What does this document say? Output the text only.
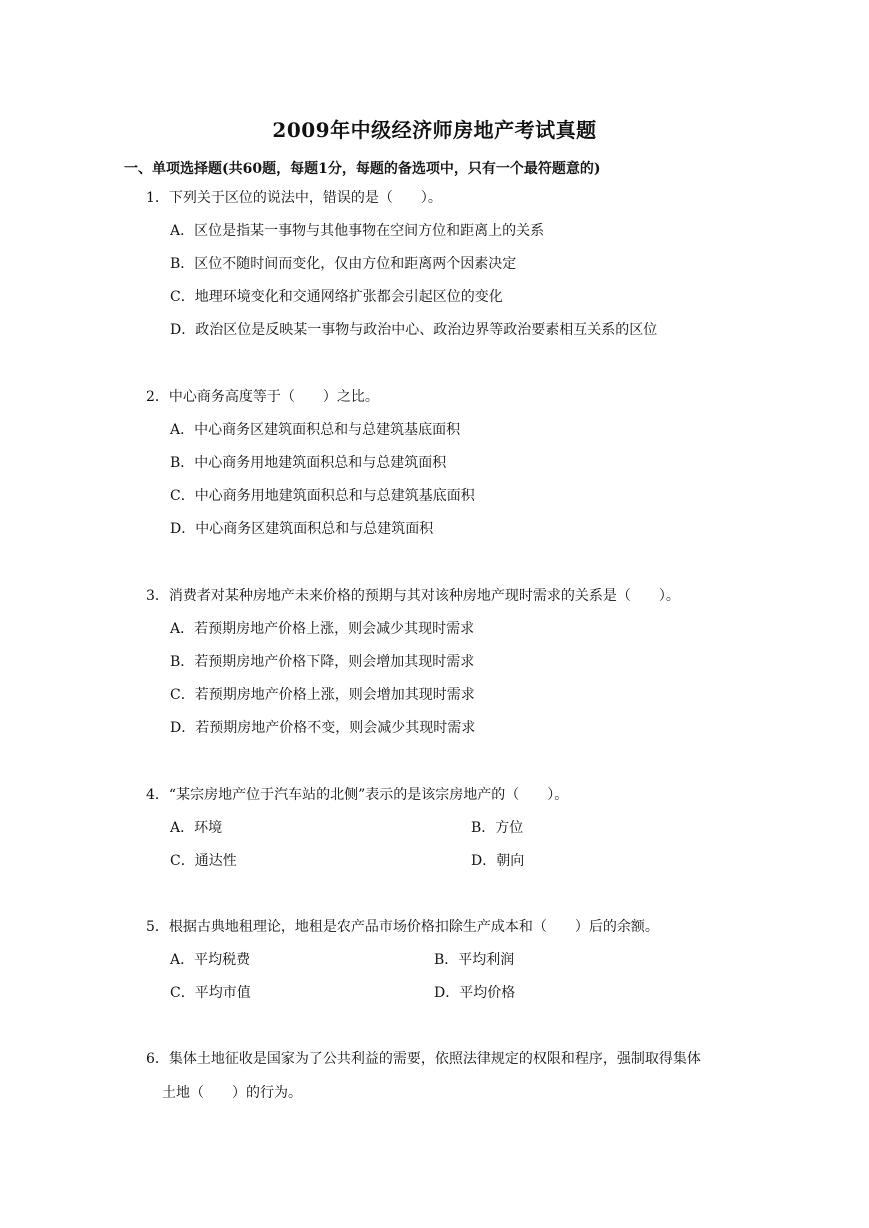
2009年中级经济师房地产考试真题
一、单项选择题(共60题，每题1分，每题的备选项中，只有一个最符题意的)
1．下列关于区位的说法中，错误的是（　　）。
A．区位是指某一事物与其他事物在空间方位和距离上的关系
B．区位不随时间而变化，仅由方位和距离两个因素决定
C．地理环境变化和交通网络扩张都会引起区位的变化
D．政治区位是反映某一事物与政治中心、政治边界等政治要素相互关系的区位
2．中心商务高度等于（　　）之比。
A．中心商务区建筑面积总和与总建筑基底面积
B．中心商务用地建筑面积总和与总建筑面积
C．中心商务用地建筑面积总和与总建筑基底面积
D．中心商务区建筑面积总和与总建筑面积
3．消费者对某种房地产未来价格的预期与其对该种房地产现时需求的关系是（　　）。
A．若预期房地产价格上涨，则会减少其现时需求
B．若预期房地产价格下降，则会增加其现时需求
C．若预期房地产价格上涨，则会增加其现时需求
D．若预期房地产价格不变，则会减少其现时需求
4．“某宗房地产位于汽车站的北侧”表示的是该宗房地产的（　　）。
A．环境	B．方位
C．通达性	D．朝向
5．根据古典地租理论，地租是农产品市场价格扣除生产成本和（　　）后的余额。
A．平均税费	B．平均利润
C．平均市值	D．平均价格
6．集体土地征收是国家为了公共利益的需要，依照法律规定的权限和程序，强制取得集体
土地（　　）的行为。
